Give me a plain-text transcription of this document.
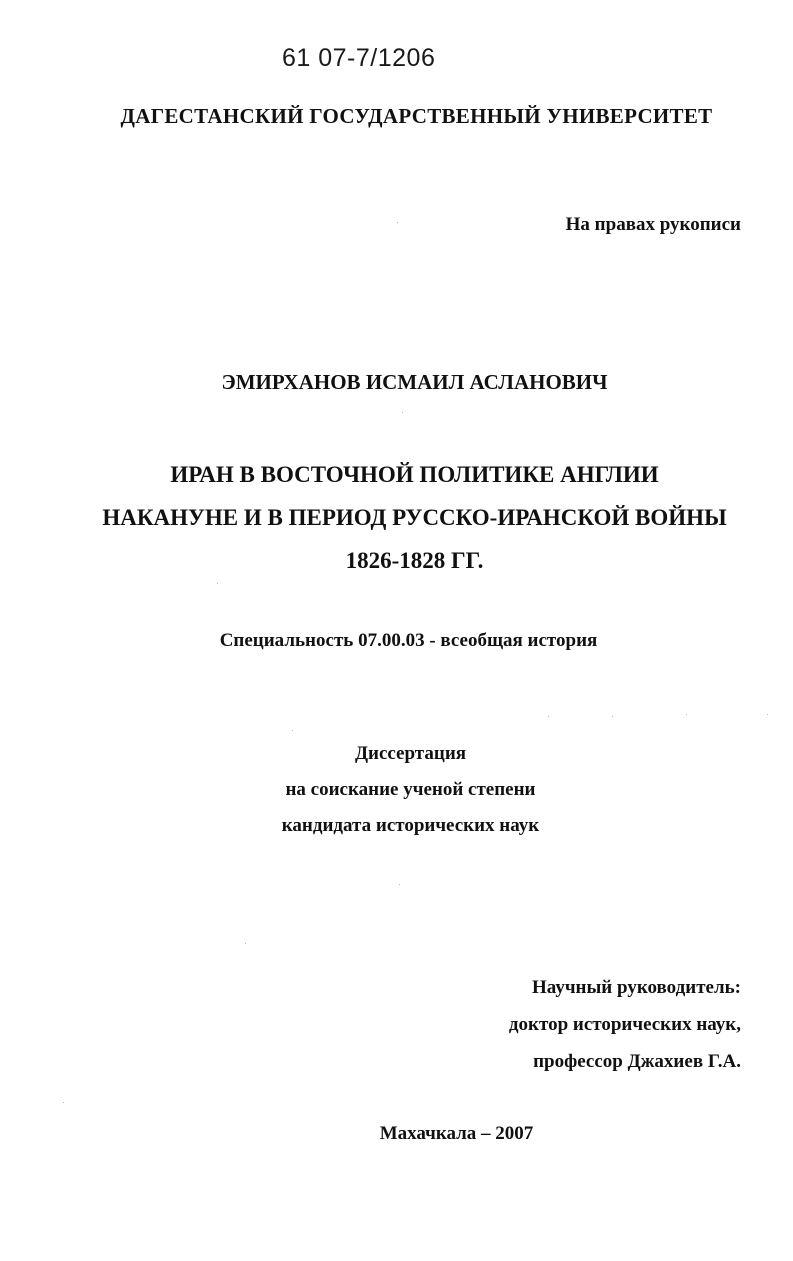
61 07-7/1206
ДАГЕСТАНСКИЙ ГОСУДАРСТВЕННЫЙ УНИВЕРСИТЕТ
На правах рукописи
ЭМИРХАНОВ ИСМАИЛ АСЛАНОВИЧ
ИРАН В ВОСТОЧНОЙ ПОЛИТИКЕ АНГЛИИ
НАКАНУНЕ И В ПЕРИОД РУССКО-ИРАНСКОЙ ВОЙНЫ
1826-1828 ГГ.
Специальность 07.00.03 - всеобщая история
Диссертация
на соискание ученой степени
кандидата исторических наук
Научный руководитель:
доктор исторических наук,
профессор Джахиев Г.А.
Махачкала – 2007
